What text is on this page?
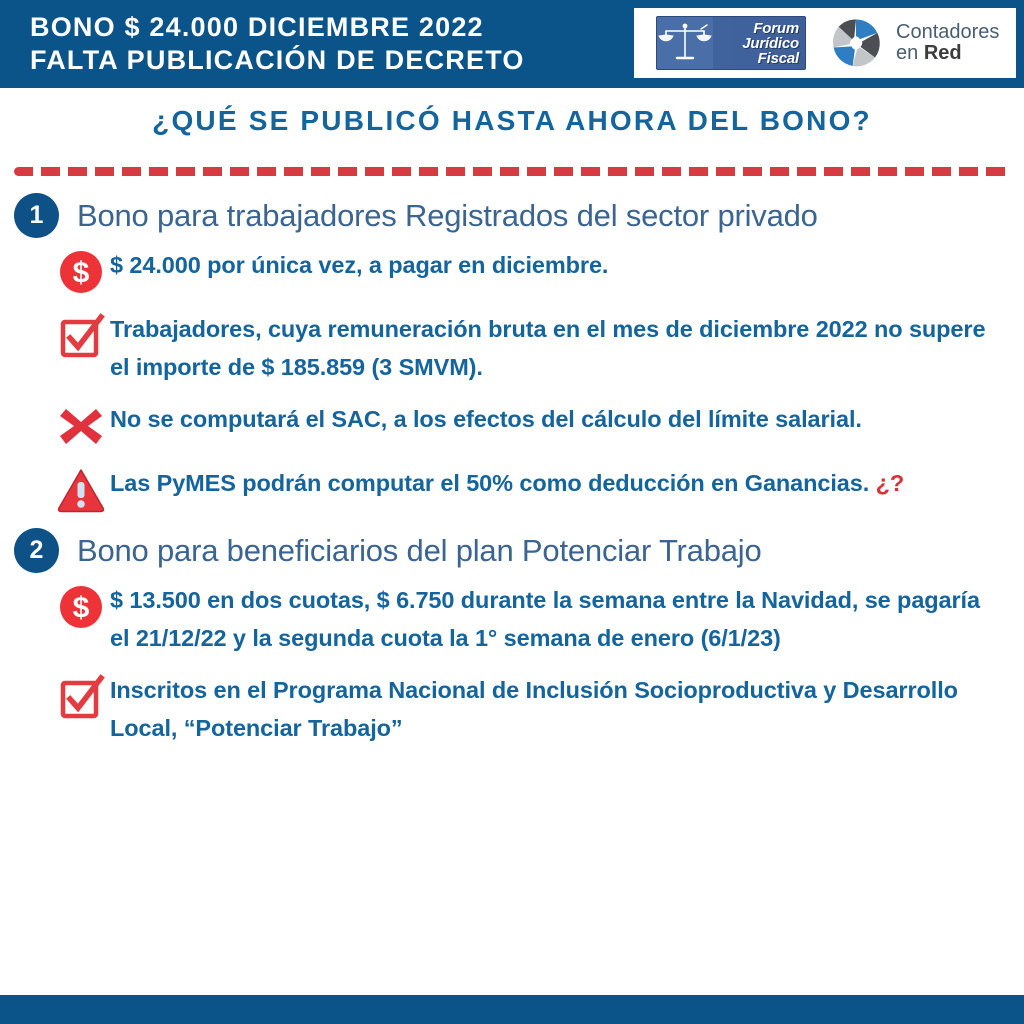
BONO $ 24.000 DICIEMBRE 2022
FALTA PUBLICACIÓN DE DECRETO
Forum
Jurídico
Fiscal
Contadores
en Red
¿QUÉ SE PUBLICÓ HASTA AHORA DEL BONO?
1	Bono para trabajadores Registrados del sector privado
$ $ 24.000 por única vez, a pagar en diciembre.
Trabajadores, cuya remuneración bruta en el mes de diciembre 2022 no supere el importe de $ 185.859 (3 SMVM).
No se computará el SAC, a los efectos del cálculo del límite salarial.
Las PyMES podrán computar el 50% como deducción en Ganancias. ¿?
2	Bono para beneficiarios del plan Potenciar Trabajo
$ $ 13.500 en dos cuotas, $ 6.750 durante la semana entre la Navidad, se pagaría el 21/12/22 y la segunda cuota la 1° semana de enero (6/1/23)
Inscritos en el Programa Nacional de Inclusión Socioproductiva y Desarrollo Local, “Potenciar Trabajo”
